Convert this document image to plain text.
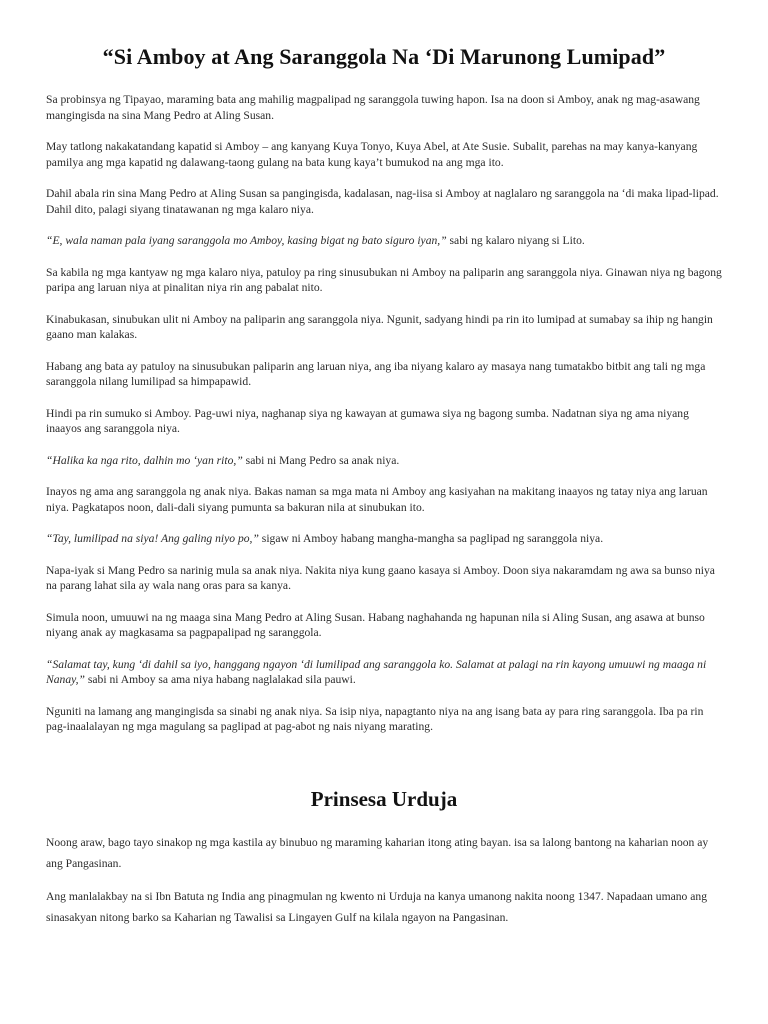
“Si Amboy at Ang Saranggola Na ‘Di Marunong Lumipad”

Sa probinsya ng Tipayao, maraming bata ang mahilig magpalipad ng saranggola tuwing hapon. Isa na doon si Amboy, anak ng mag-asawang mangingisda na sina Mang Pedro at Aling Susan.

May tatlong nakakatandang kapatid si Amboy – ang kanyang Kuya Tonyo, Kuya Abel, at Ate Susie. Subalit, parehas na may kanya-kanyang pamilya ang mga kapatid ng dalawang-taong gulang na bata kung kaya’t bumukod na ang mga ito.

Dahil abala rin sina Mang Pedro at Aling Susan sa pangingisda, kadalasan, nag-iisa si Amboy at naglalaro ng saranggola na ‘di maka lipad-lipad. Dahil dito, palagi siyang tinatawanan ng mga kalaro niya.

“E, wala naman pala iyang saranggola mo Amboy, kasing bigat ng bato siguro iyan,” sabi ng kalaro niyang si Lito.

Sa kabila ng mga kantyaw ng mga kalaro niya, patuloy pa ring sinusubukan ni Amboy na paliparin ang saranggola niya. Ginawan niya ng bagong paripa ang laruan niya at pinalitan niya rin ang pabalat nito.

Kinabukasan, sinubukan ulit ni Amboy na paliparin ang saranggola niya. Ngunit, sadyang hindi pa rin ito lumipad at sumabay sa ihip ng hangin gaano man kalakas.

Habang ang bata ay patuloy na sinusubukan paliparin ang laruan niya, ang iba niyang kalaro ay masaya nang tumatakbo bitbit ang tali ng mga saranggola nilang lumilipad sa himpapawid.

Hindi pa rin sumuko si Amboy. Pag-uwi niya, naghanap siya ng kawayan at gumawa siya ng bagong sumba. Nadatnan siya ng ama niyang inaayos ang saranggola niya.

“Halika ka nga rito, dalhin mo ‘yan rito,” sabi ni Mang Pedro sa anak niya.

Inayos ng ama ang saranggola ng anak niya. Bakas naman sa mga mata ni Amboy ang kasiyahan na makitang inaayos ng tatay niya ang laruan niya. Pagkatapos noon, dali-dali siyang pumunta sa bakuran nila at sinubukan ito.

“Tay, lumilipad na siya! Ang galing niyo po,” sigaw ni Amboy habang mangha-mangha sa paglipad ng saranggola niya.

Napa-iyak si Mang Pedro sa narinig mula sa anak niya. Nakita niya kung gaano kasaya si Amboy. Doon siya nakaramdam ng awa sa bunso niya na parang lahat sila ay wala nang oras para sa kanya.

Simula noon, umuuwi na ng maaga sina Mang Pedro at Aling Susan. Habang naghahanda ng hapunan nila si Aling Susan, ang asawa at bunso niyang anak ay magkasama sa pagpapalipad ng saranggola.

“Salamat tay, kung ‘di dahil sa iyo, hanggang ngayon ‘di lumilipad ang saranggola ko. Salamat at palagi na rin kayong umuuwi ng maaga ni Nanay,” sabi ni Amboy sa ama niya habang naglalakad sila pauwi.

Nguniti na lamang ang mangingisda sa sinabi ng anak niya. Sa isip niya, napagtanto niya na ang isang bata ay para ring saranggola. Iba pa rin pag-inaalalayan ng mga magulang sa paglipad at pag-abot ng nais niyang marating.

Prinsesa Urduja

Noong araw, bago tayo sinakop ng mga kastila ay binubuo ng maraming kaharian itong ating bayan. isa sa lalong bantong na kaharian noon ay ang Pangasinan.

Ang manlalakbay na si Ibn Batuta ng India ang pinagmulan ng kwento ni Urduja na kanya umanong nakita noong 1347. Napadaan umano ang sinasakyan nitong barko sa Kaharian ng Tawalisi sa Lingayen Gulf na kilala ngayon na Pangasinan.
